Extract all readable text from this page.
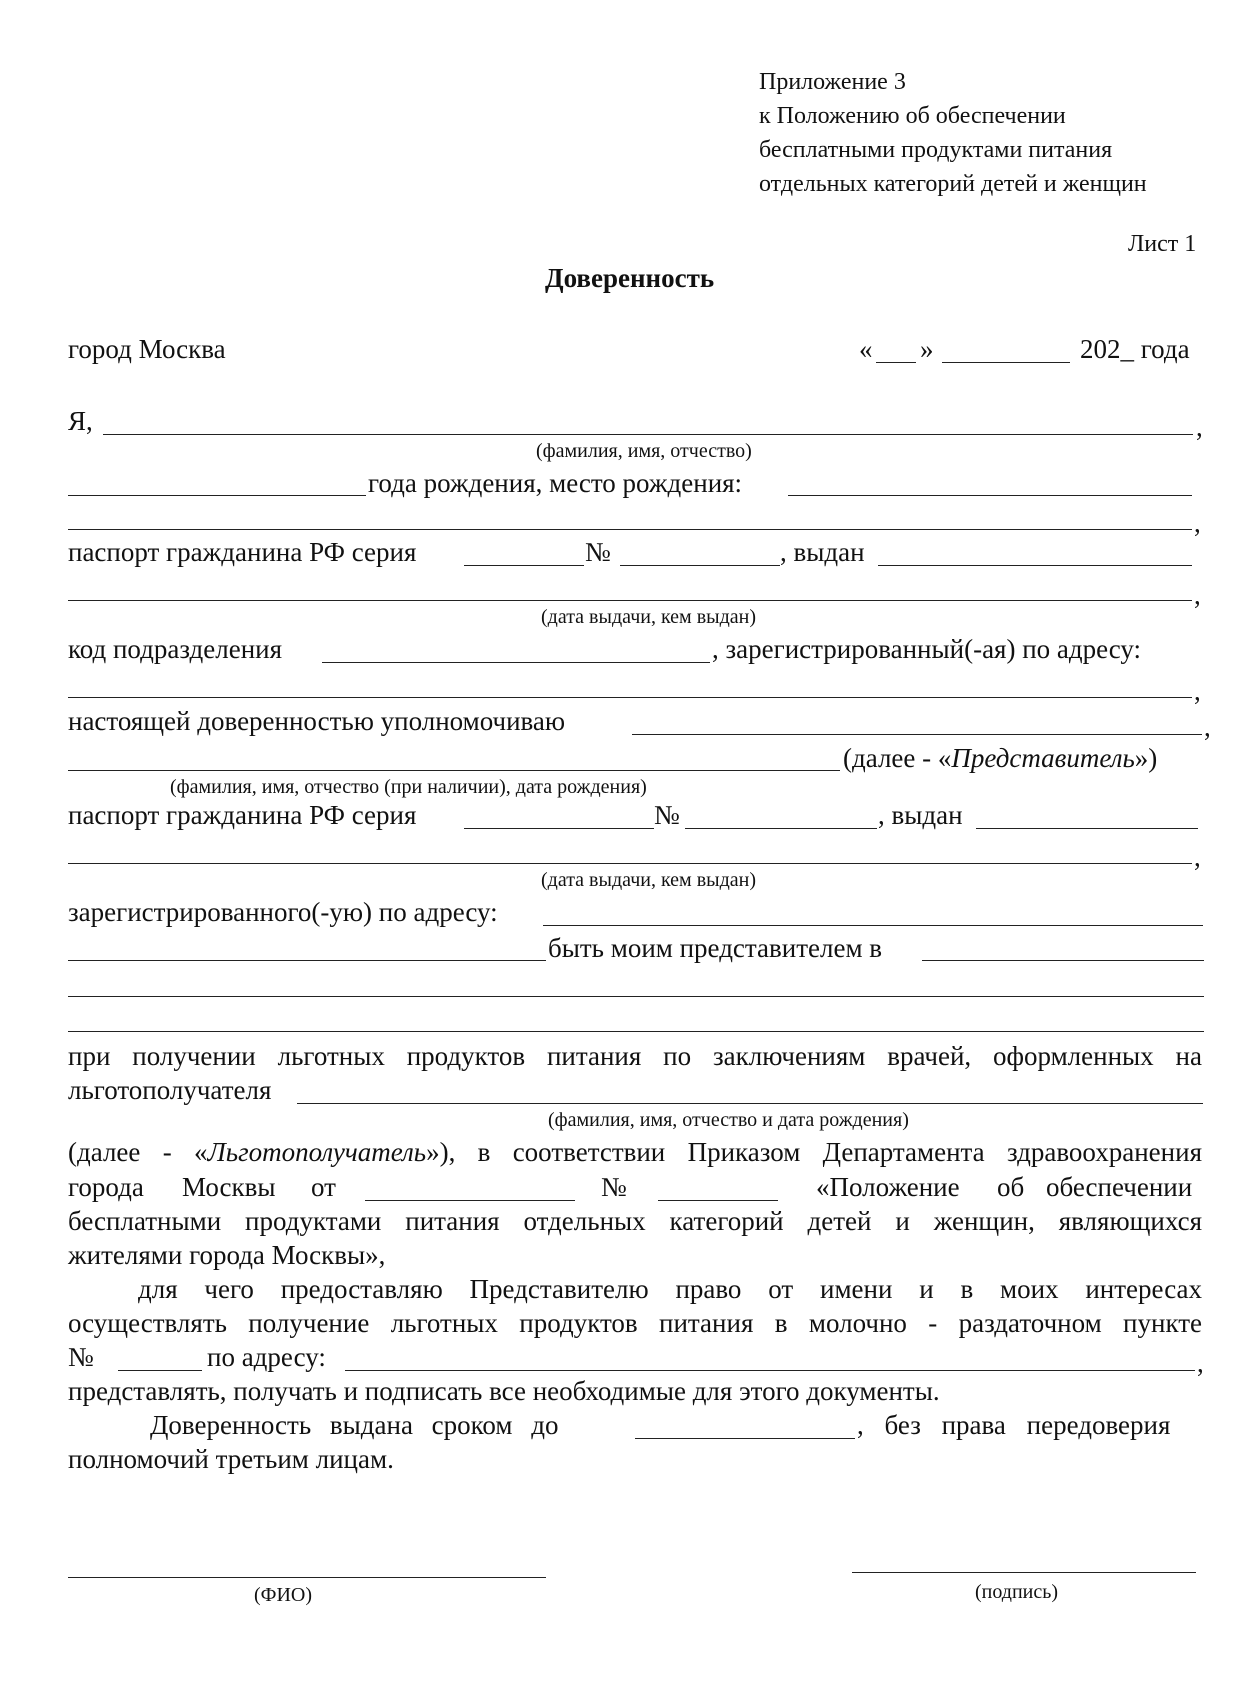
Приложение 3
к Положению об обеспечении
бесплатными продуктами питания
отдельных категорий детей и женщин
Лист 1
Доверенность
город Москва	« »	202_ года
Я,	,
(фамилия, имя, отчество)
года рождения, место рождения:
,
паспорт гражданина РФ серия	№	, выдан
,
(дата выдачи, кем выдан)
код подразделения	, зарегистрированный(-ая) по адресу:
,
настоящей доверенностью уполномочиваю	,
(далее - «Представитель»)
(фамилия, имя, отчество (при наличии), дата рождения)
паспорт гражданина РФ серия	№	, выдан
,
(дата выдачи, кем выдан)
зарегистрированного(-ую) по адресу:
быть моим представителем в
при получении льготных продуктов питания по заключениям врачей, оформленных на
льготополучателя
(фамилия, имя, отчество и дата рождения)
(далее - «Льготополучатель»), в соответствии Приказом Департамента здравоохранения
города Москвы от	№	«Положение об обеспечении
бесплатными продуктами питания отдельных категорий детей и женщин, являющихся
жителями города Москвы»,
для чего предоставляю Представителю право от имени и в моих интересах
осуществлять получение льготных продуктов питания в молочно - раздаточном пункте
№	по адресу:	,
представлять, получать и подписать все необходимые для этого документы.
Доверенность выдана сроком до	, без права передоверия
полномочий третьим лицам.
(ФИО)	(подпись)
